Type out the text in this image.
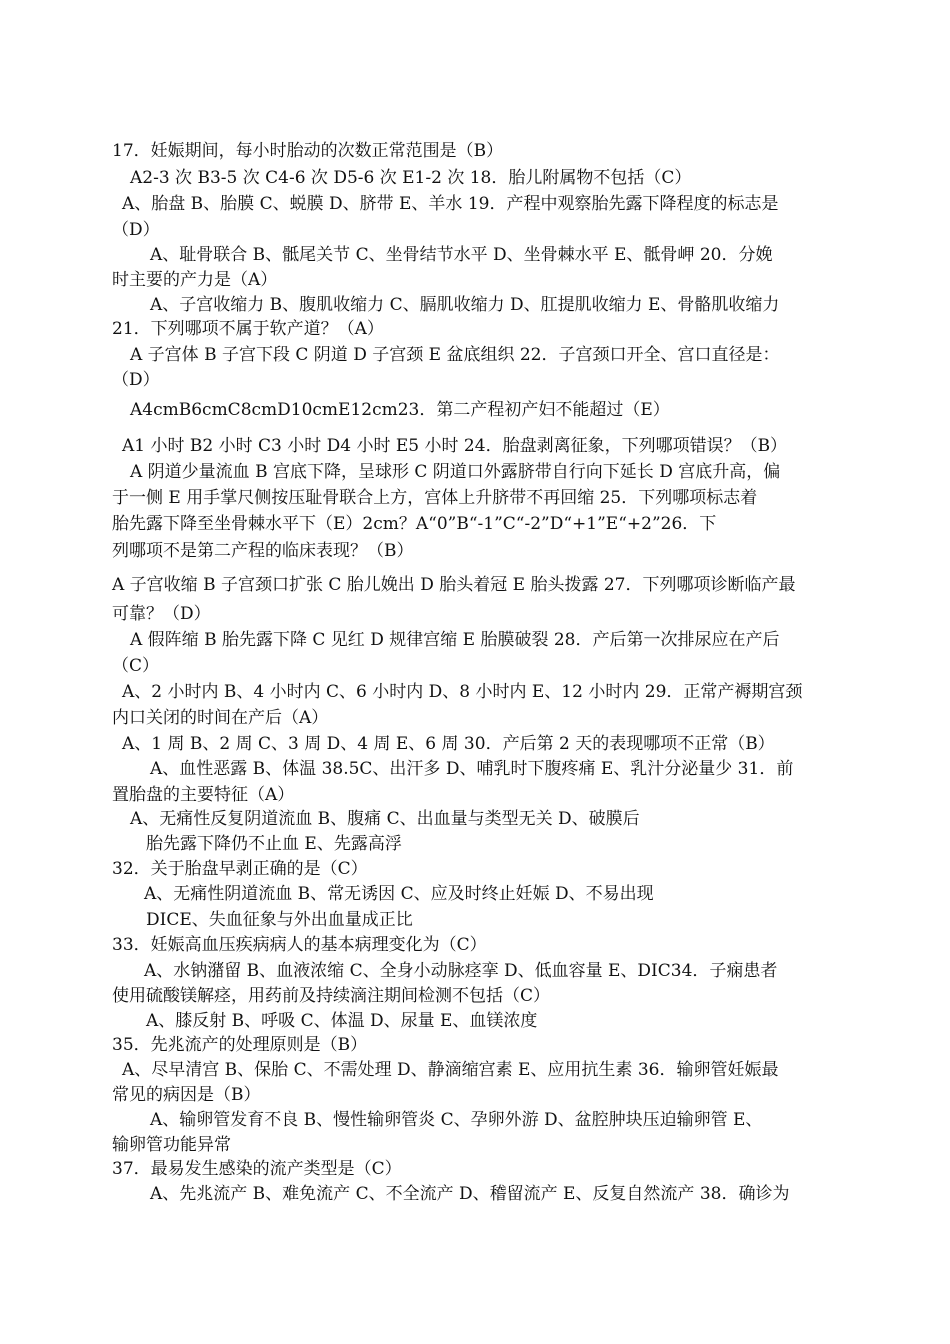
17．妊娠期间，每小时胎动的次数正常范围是（B）
A2-3 次 B3-5 次 C4-6 次 D5-6 次 E1-2 次 18．胎儿附属物不包括（C）
A、胎盘 B、胎膜 C、蜕膜 D、脐带 E、羊水 19．产程中观察胎先露下降程度的标志是
（D）
A、耻骨联合 B、骶尾关节 C、坐骨结节水平 D、坐骨棘水平 E、骶骨岬 20．分娩
时主要的产力是（A）
A、子宫收缩力 B、腹肌收缩力 C、膈肌收缩力 D、肛提肌收缩力 E、骨骼肌收缩力
21．下列哪项不属于软产道？（A）
A 子宫体 B 子宫下段 C 阴道 D 子宫颈 E 盆底组织 22．子宫颈口开全、宫口直径是：
（D）
A4cmB6cmC8cmD10cmE12cm23．第二产程初产妇不能超过（E）
A1 小时 B2 小时 C3 小时 D4 小时 E5 小时 24．胎盘剥离征象，下列哪项错误？（B）
A 阴道少量流血 B 宫底下降，呈球形 C 阴道口外露脐带自行向下延长 D 宫底升高，偏
于一侧 E 用手掌尺侧按压耻骨联合上方，宫体上升脐带不再回缩 25．下列哪项标志着
胎先露下降至坐骨棘水平下（E）2cm？A“0”B“-1”C“-2”D“+1”E“+2”26．下
列哪项不是第二产程的临床表现？（B）
A 子宫收缩 B 子宫颈口扩张 C 胎儿娩出 D 胎头着冠 E 胎头拨露 27．下列哪项诊断临产最
可靠？（D）
A 假阵缩 B 胎先露下降 C 见红 D 规律宫缩 E 胎膜破裂 28．产后第一次排尿应在产后
（C）
A、2 小时内 B、4 小时内 C、6 小时内 D、8 小时内 E、12 小时内 29．正常产褥期宫颈
内口关闭的时间在产后（A）
A、1 周 B、2 周 C、3 周 D、4 周 E、6 周 30．产后第 2 天的表现哪项不正常（B）
A、血性恶露 B、体温 38.5C、出汗多 D、哺乳时下腹疼痛 E、乳汁分泌量少 31．前
置胎盘的主要特征（A）
A、无痛性反复阴道流血 B、腹痛 C、出血量与类型无关 D、破膜后
胎先露下降仍不止血 E、先露高浮
32．关于胎盘早剥正确的是（C）
A、无痛性阴道流血 B、常无诱因 C、应及时终止妊娠 D、不易出现
DICE、失血征象与外出血量成正比
33．妊娠高血压疾病病人的基本病理变化为（C）
A、水钠潴留 B、血液浓缩 C、全身小动脉痉挛 D、低血容量 E、DIC34．子痫患者
使用硫酸镁解痉，用药前及持续滴注期间检测不包括（C）
A、膝反射 B、呼吸 C、体温 D、尿量 E、血镁浓度
35．先兆流产的处理原则是（B）
A、尽早清宫 B、保胎 C、不需处理 D、静滴缩宫素 E、应用抗生素 36．输卵管妊娠最
常见的病因是（B）
A、输卵管发育不良 B、慢性输卵管炎 C、孕卵外游 D、盆腔肿块压迫输卵管 E、
输卵管功能异常
37．最易发生感染的流产类型是（C）
A、先兆流产 B、难免流产 C、不全流产 D、稽留流产 E、反复自然流产 38．确诊为
